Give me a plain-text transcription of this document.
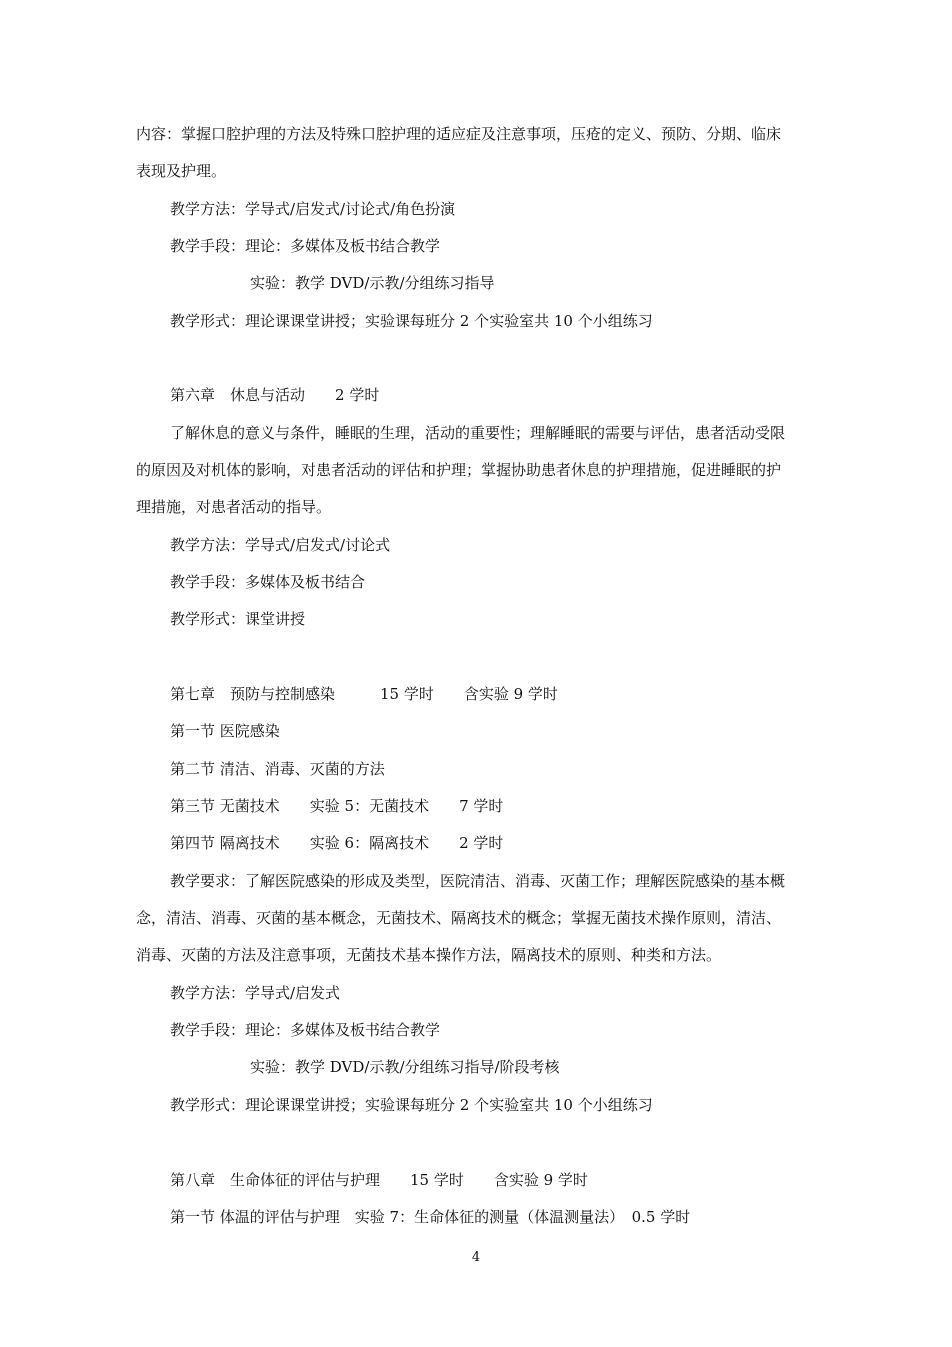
内容：掌握口腔护理的方法及特殊口腔护理的适应症及注意事项，压疮的定义、预防、分期、临床
表现及护理。
教学方法：学导式/启发式/讨论式/角色扮演
教学手段：理论：多媒体及板书结合教学
实验：教学 DVD/示教/分组练习指导
教学形式：理论课课堂讲授；实验课每班分 2 个实验室共 10 个小组练习
第六章　休息与活动　　2 学时
了解休息的意义与条件，睡眠的生理，活动的重要性；理解睡眠的需要与评估，患者活动受限
的原因及对机体的影响，对患者活动的评估和护理；掌握协助患者休息的护理措施，促进睡眠的护
理措施，对患者活动的指导。
教学方法：学导式/启发式/讨论式
教学手段：多媒体及板书结合
教学形式：课堂讲授
第七章　预防与控制感染　　　15 学时　　含实验 9 学时
第一节 医院感染
第二节 清洁、消毒、灭菌的方法
第三节 无菌技术　　实验 5：无菌技术　　7 学时
第四节 隔离技术　　实验 6：隔离技术　　2 学时
教学要求：了解医院感染的形成及类型，医院清洁、消毒、灭菌工作；理解医院感染的基本概
念，清洁、消毒、灭菌的基本概念，无菌技术、隔离技术的概念；掌握无菌技术操作原则，清洁、
消毒、灭菌的方法及注意事项，无菌技术基本操作方法，隔离技术的原则、种类和方法。
教学方法：学导式/启发式
教学手段：理论：多媒体及板书结合教学
实验：教学 DVD/示教/分组练习指导/阶段考核
教学形式：理论课课堂讲授；实验课每班分 2 个实验室共 10 个小组练习
第八章　生命体征的评估与护理　　15 学时　　含实验 9 学时
第一节 体温的评估与护理　实验 7：生命体征的测量（体温测量法）　0.5 学时
4
